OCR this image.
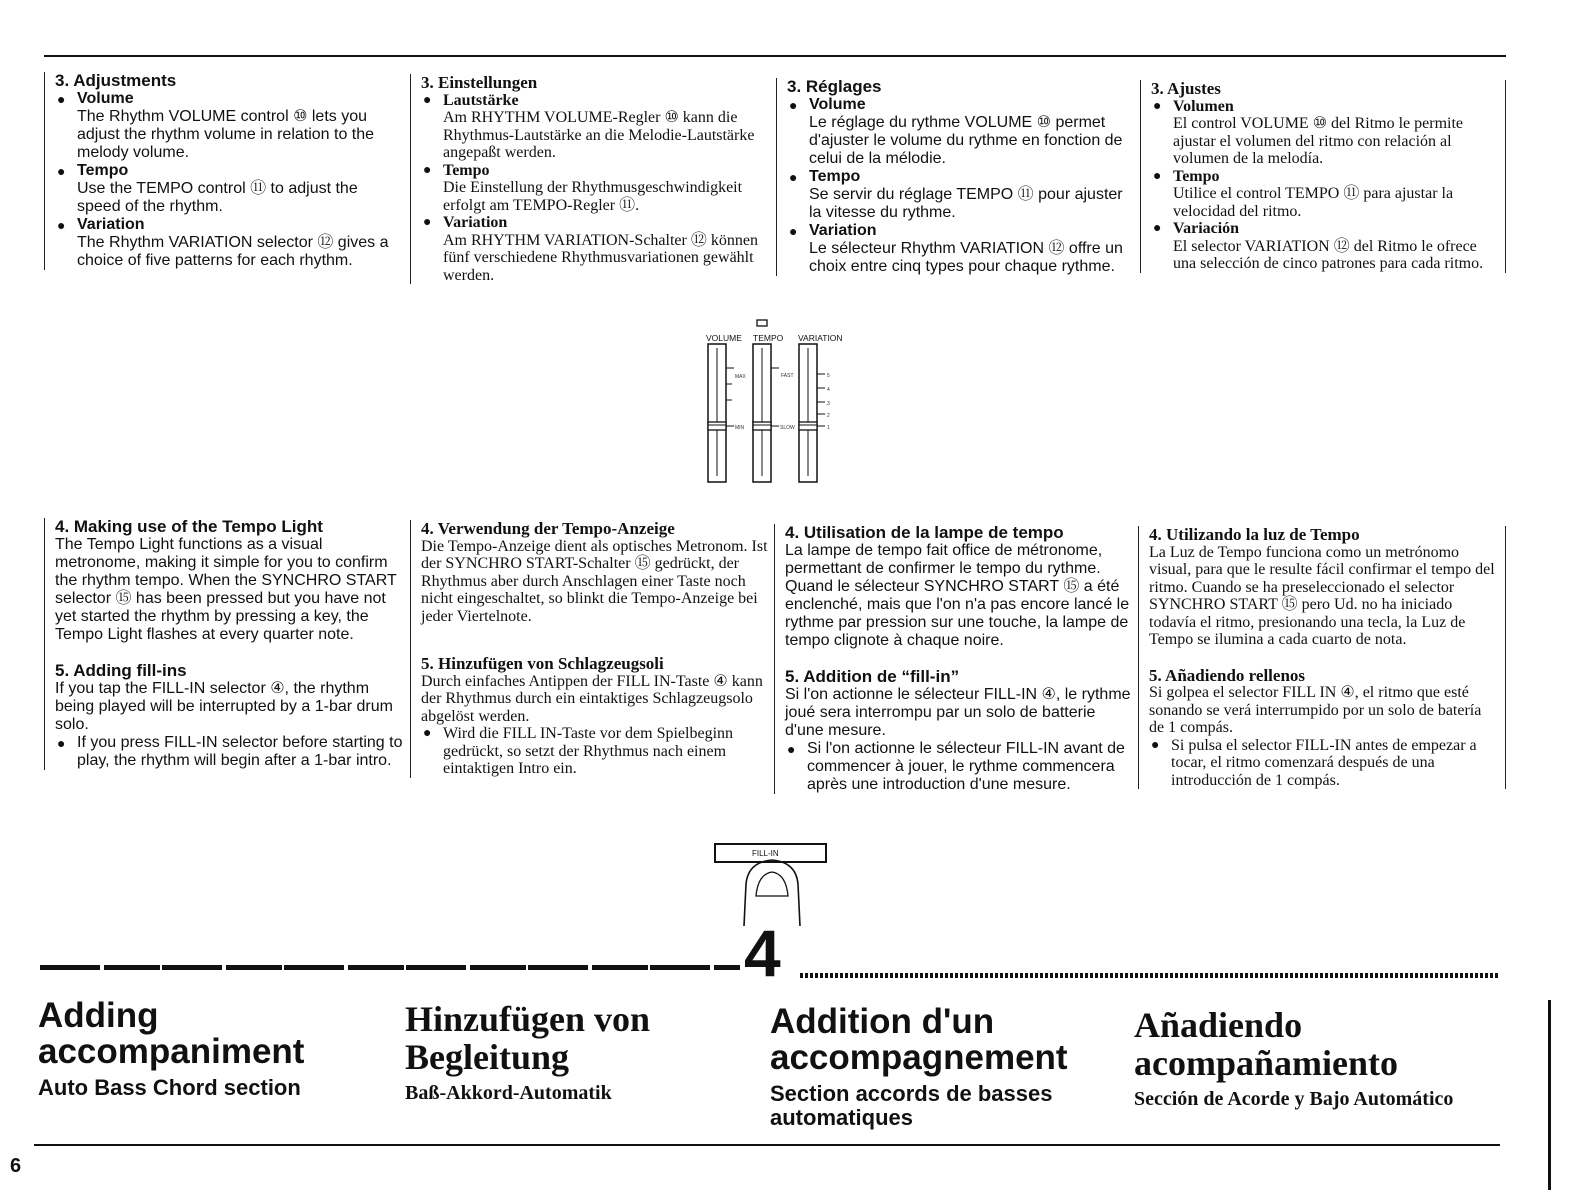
3. Adjustments
● Volume
The Rhythm VOLUME control ⑩ lets you adjust the rhythm volume in relation to the melody volume.
● Tempo
Use the TEMPO control ⑪ to adjust the speed of the rhythm.
● Variation
The Rhythm VARIATION selector ⑫ gives a choice of five patterns for each rhythm.
3. Einstellungen
● Lautstärke
Am RHYTHM VOLUME-Regler ⑩ kann die Rhythmus-Lautstärke an die Melodie-Lautstärke angepaßt werden.
● Tempo
Die Einstellung der Rhythmusgeschwindigkeit erfolgt am TEMPO-Regler ⑪.
● Variation
Am RHYTHM VARIATION-Schalter ⑫ können fünf verschiedene Rhythmusvariationen gewählt werden.
3. Réglages
● Volume
Le réglage du rythme VOLUME ⑩ permet d'ajuster le volume du rythme en fonction de celui de la mélodie.
● Tempo
Se servir du réglage TEMPO ⑪ pour ajuster la vitesse du rythme.
● Variation
Le sélecteur Rhythm VARIATION ⑫ offre un choix entre cinq types pour chaque rythme.
3. Ajustes
● Volumen
El control VOLUME ⑩ del Ritmo le permite ajustar el volumen del ritmo con relación al volumen de la melodía.
● Tempo
Utilice el control TEMPO ⑪ para ajustar la velocidad del ritmo.
● Variación
El selector VARIATION ⑫ del Ritmo le ofrece una selección de cinco patrones para cada ritmo.
VOLUME TEMPO VARIATION
MAX
MIN
FAST
SLOW
5
4
3
2
1
4. Making use of the Tempo Light
The Tempo Light functions as a visual metronome, making it simple for you to confirm the rhythm tempo. When the SYNCHRO START selector ⑮ has been pressed but you have not yet started the rhythm by pressing a key, the Tempo Light flashes at every quarter note.
5. Adding fill-ins
If you tap the FILL-IN selector ④, the rhythm being played will be interrupted by a 1-bar drum solo.
● If you press FILL-IN selector before starting to play, the rhythm will begin after a 1-bar intro.
4. Verwendung der Tempo-Anzeige
Die Tempo-Anzeige dient als optisches Metronom. Ist der SYNCHRO START-Schalter ⑮ gedrückt, der Rhythmus aber durch Anschlagen einer Taste noch nicht eingeschaltet, so blinkt die Tempo-Anzeige bei jeder Viertelnote.
5. Hinzufügen von Schlagzeugsoli
Durch einfaches Antippen der FILL IN-Taste ④ kann der Rhythmus durch ein eintaktiges Schlagzeugsolo abgelöst werden.
● Wird die FILL IN-Taste vor dem Spielbeginn gedrückt, so setzt der Rhythmus nach einem eintaktigen Intro ein.
4. Utilisation de la lampe de tempo
La lampe de tempo fait office de métronome, permettant de confirmer le tempo du rythme. Quand le sélecteur SYNCHRO START ⑮ a été enclenché, mais que l'on n'a pas encore lancé le rythme par pression sur une touche, la lampe de tempo clignote à chaque noire.
5. Addition de “fill-in”
Si l'on actionne le sélecteur FILL-IN ④, le rythme joué sera interrompu par un solo de batterie d'une mesure.
● Si l'on actionne le sélecteur FILL-IN avant de commencer à jouer, le rythme commencera après une introduction d'une mesure.
4. Utilizando la luz de Tempo
La Luz de Tempo funciona como un metrónomo visual, para que le resulte fácil confirmar el tempo del ritmo. Cuando se ha preseleccionado el selector SYNCHRO START ⑮ pero Ud. no ha iniciado todavía el ritmo, presionando una tecla, la Luz de Tempo se ilumina a cada cuarto de nota.
5. Añadiendo rellenos
Si golpea el selector FILL IN ④, el ritmo que esté sonando se verá interrumpido por un solo de batería de 1 compás.
● Si pulsa el selector FILL-IN antes de empezar a tocar, el ritmo comenzará después de una introducción de 1 compás.
FILL-IN
4
Adding accompaniment
Auto Bass Chord section
Hinzufügen von Begleitung
Baß-Akkord-Automatik
Addition d'un accompagnement
Section accords de basses automatiques
Añadiendo acompañamiento
Sección de Acorde y Bajo Automático
6
